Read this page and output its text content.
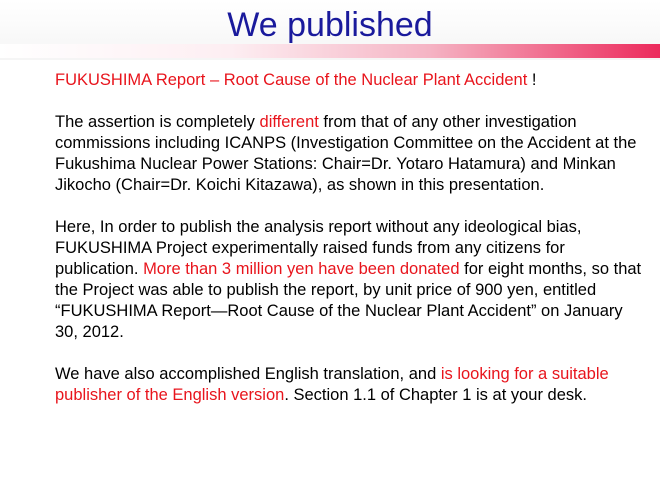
We published

FUKUSHIMA Report – Root Cause of the Nuclear Plant Accident !

The assertion is completely different from that of any other investigation commissions including ICANPS (Investigation Committee on the Accident at the Fukushima Nuclear Power Stations: Chair=Dr. Yotaro Hatamura) and Minkan Jikocho (Chair=Dr. Koichi Kitazawa), as shown in this presentation.

Here, In order to publish the analysis report without any ideological bias, FUKUSHIMA Project experimentally raised funds from any citizens for publication. More than 3 million yen have been donated for eight months, so that the Project was able to publish the report, by unit price of 900 yen, entitled “FUKUSHIMA Report—Root Cause of the Nuclear Plant Accident” on January 30, 2012.

We have also accomplished English translation, and is looking for a suitable publisher of the English version. Section 1.1 of Chapter 1 is at your desk.
